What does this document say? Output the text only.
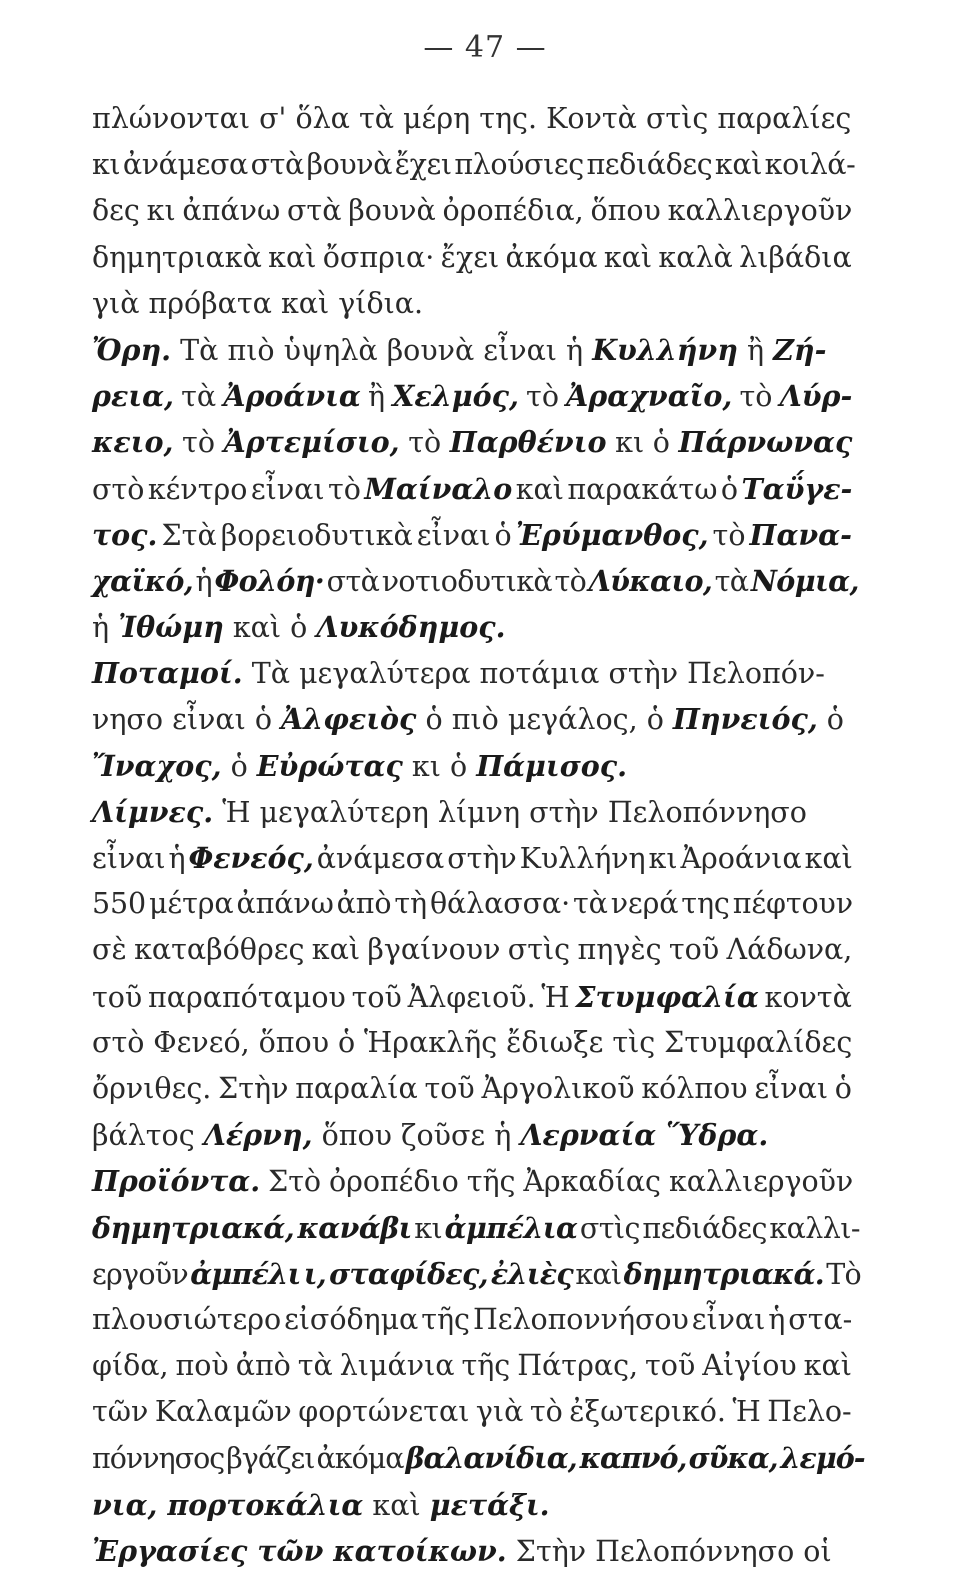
— 47 —
πλώνονται σ' ὅλα τὰ μέρη της. Κοντὰ στὶς παραλίες
κι ἀνάμεσα στὰ βουνὰ ἔχει πλούσιες πεδιάδες καὶ κοιλά-
δες κι ἀπάνω στὰ βουνὰ ὀροπέδια, ὅπου καλλιεργοῦν
δημητριακὰ καὶ ὄσπρια· ἔχει ἀκόμα καὶ καλὰ λιβάδια
γιὰ πρόβατα καὶ γίδια.
Ὄρη. Τὰ πιὸ ὑψηλὰ βουνὰ εἶναι ἡ Κυλλήνη ἢ Ζή-
ρεια, τὰ Ἀροάνια ἢ Χελμός, τὸ Ἀραχναῖο, τὸ Λύρ-
κειο, τὸ Ἀρτεμίσιο, τὸ Παρθένιο κι ὁ Πάρνωνας
στὸ κέντρο εἶναι τὸ Μαίναλο καὶ παρακάτω ὁ Ταΰγε-
τος. Στὰ βορειοδυτικὰ εἶναι ὁ Ἐρύμανθος, τὸ Πανα-
χαϊκό, ἡ Φολόη· στὰ νοτιοδυτικὰ τὸ Λύκαιο, τὰ Νόμια,
ἡ Ἰθώμη καὶ ὁ Λυκόδημος.
Ποταμοί. Τὰ μεγαλύτερα ποτάμια στὴν Πελοπόν-
νησο εἶναι ὁ Ἀλφειὸς ὁ πιὸ μεγάλος, ὁ Πηνειός, ὁ
Ἴναχος, ὁ Εὐρώτας κι ὁ Πάμισος.
Λίμνες. Ἡ μεγαλύτερη λίμνη στὴν Πελοπόννησο
εἶναι ἡ Φενεός, ἀνάμεσα στὴν Κυλλήνη κι Ἀροάνια καὶ
550 μέτρα ἀπάνω ἀπὸ τὴ θάλασσα· τὰ νερά της πέφτουν
σὲ καταβόθρες καὶ βγαίνουν στὶς πηγὲς τοῦ Λάδωνα,
τοῦ παραπόταμου τοῦ Ἀλφειοῦ. Ἡ Στυμφαλία κοντὰ
στὸ Φενεό, ὅπου ὁ Ἡρακλῆς ἔδιωξε τὶς Στυμφαλίδες
ὄρνιθες. Στὴν παραλία τοῦ Ἀργολικοῦ κόλπου εἶναι ὁ
βάλτος Λέρνη, ὅπου ζοῦσε ἡ Λερναία Ὕδρα.
Προϊόντα. Στὸ ὀροπέδιο τῆς Ἀρκαδίας καλλιεργοῦν
δημητριακά, κανάβι κι ἀμπέλια στὶς πεδιάδες καλλι-
εργοῦν ἀμπέλι ι, σταφίδες, ἐλιὲς καὶ δημητριακά. Τὸ
πλουσιώτερο εἰσόδημα τῆς Πελοποννήσου εἶναι ἡ στα-
φίδα, ποὺ ἀπὸ τὰ λιμάνια τῆς Πάτρας, τοῦ Αἰγίου καὶ
τῶν Καλαμῶν φορτώνεται γιὰ τὸ ἐξωτερικό. Ἡ Πελο-
πόννησος βγάζει ἀκόμα βαλανίδια, καπνό, σῦκα, λεμό-
νια, πορτοκάλια καὶ μετάξι.
Ἐργασίες τῶν κατοίκων. Στὴν Πελοπόννησο οἱ
